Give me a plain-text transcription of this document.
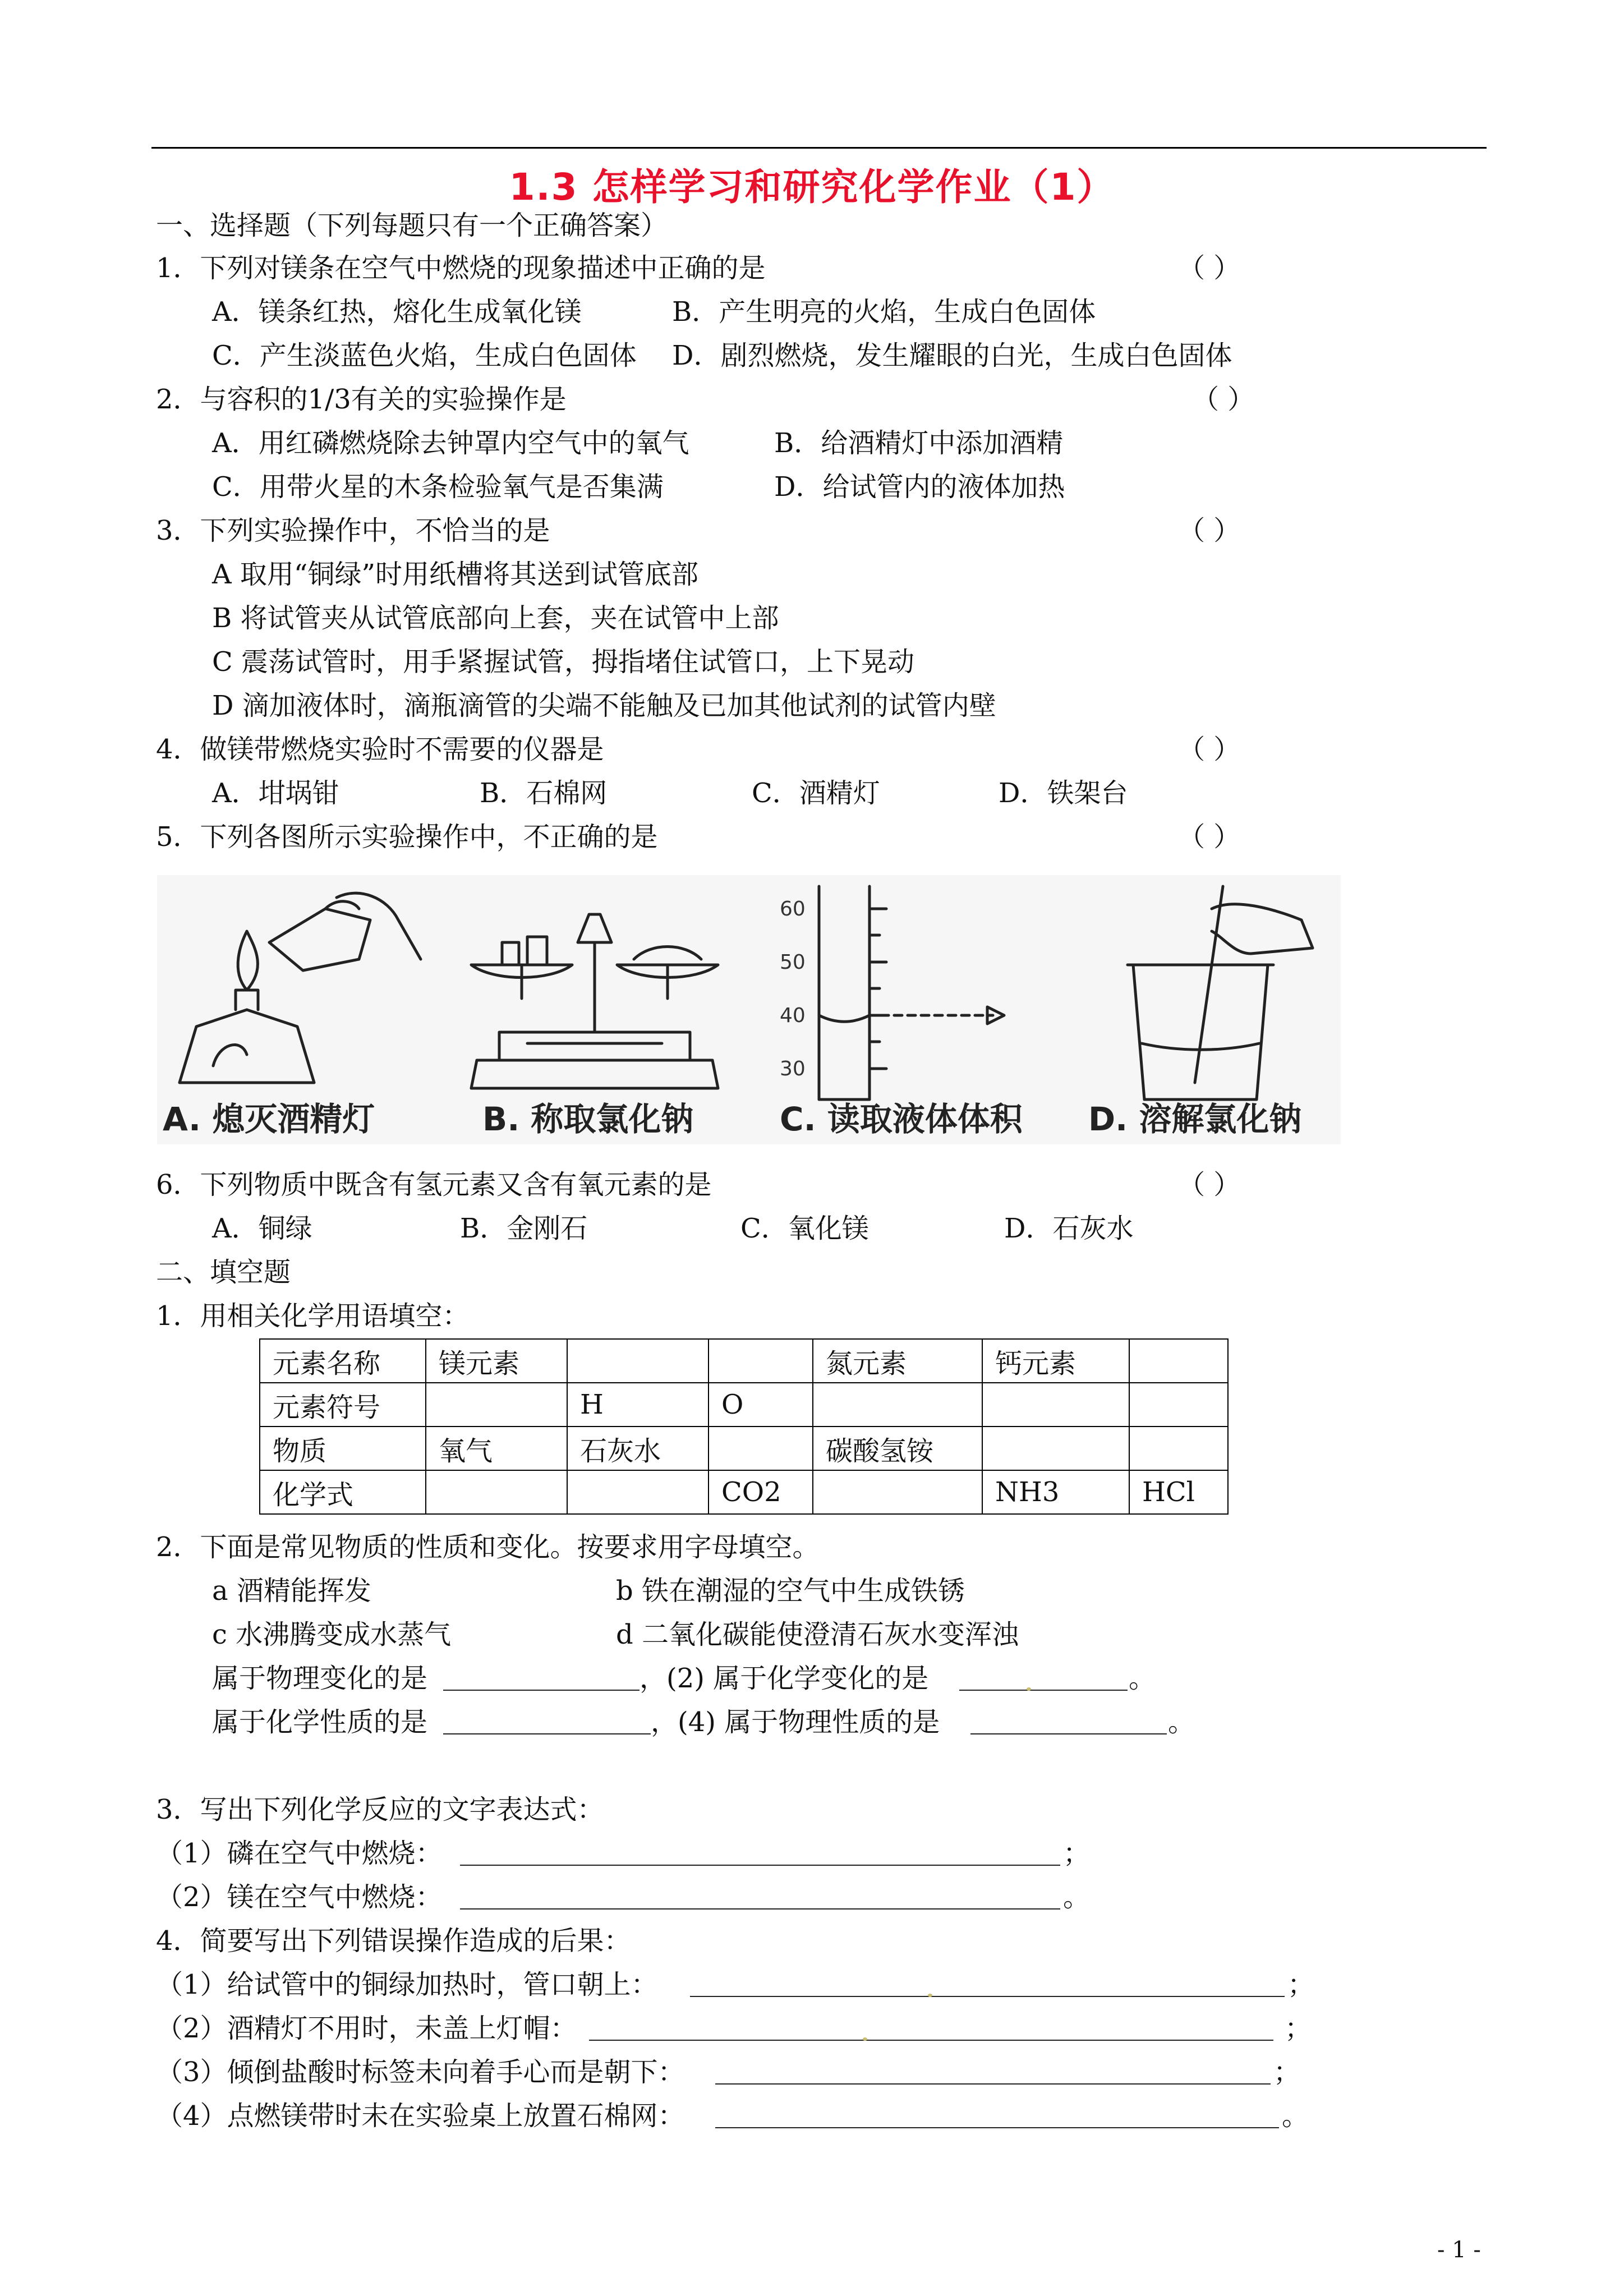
1.3 怎样学习和研究化学作业（1）
一、选择题（下列每题只有一个正确答案）
1．下列对镁条在空气中燃烧的现象描述中正确的是	（ ）
A．镁条红热，熔化生成氧化镁	B．产生明亮的火焰，生成白色固体
C．产生淡蓝色火焰，生成白色固体 D．剧烈燃烧，发生耀眼的白光，生成白色固体
2．与容积的1/3有关的实验操作是	（ ）
A．用红磷燃烧除去钟罩内空气中的氧气	B．给酒精灯中添加酒精
C．用带火星的木条检验氧气是否集满	D．给试管内的液体加热
3．下列实验操作中，不恰当的是	（ ）
A 取用“铜绿”时用纸槽将其送到试管底部
B 将试管夹从试管底部向上套，夹在试管中上部
C 震荡试管时，用手紧握试管，拇指堵住试管口，上下晃动
D 滴加液体时，滴瓶滴管的尖端不能触及已加其他试剂的试管内壁
4．做镁带燃烧实验时不需要的仪器是	（ ）
A．坩埚钳	B．石棉网	C．酒精灯	D．铁架台
5．下列各图所示实验操作中，不正确的是	（ ）
60
50
40
30
A. 熄灭酒精灯	B. 称取氯化钠	C. 读取液体体积 D. 溶解氯化钠
6．下列物质中既含有氢元素又含有氧元素的是	（ ）
A．铜绿	B．金刚石	C．氧化镁	D．石灰水
二、填空题
1．用相关化学用语填空：
元素名称	镁元素			氮元素	钙元素	
元素符号		H	O			
物质	氧气	石灰水		碳酸氢铵		
化学式			CO2		NH3	HCl
2．下面是常见物质的性质和变化。按要求用字母填空。
a 酒精能挥发	b 铁在潮湿的空气中生成铁锈
c 水沸腾变成水蒸气	d 二氧化碳能使澄清石灰水变浑浊
属于物理变化的是	，(2) 属于化学变化的是	。
属于化学性质的是	，(4) 属于物理性质的是	。
3．写出下列化学反应的文字表达式：
（1）磷在空气中燃烧：	；
（2）镁在空气中燃烧：	。
4．简要写出下列错误操作造成的后果：
（1）给试管中的铜绿加热时，管口朝上：	；
（2）酒精灯不用时，未盖上灯帽：	；
（3）倾倒盐酸时标签未向着手心而是朝下：	；
（4）点燃镁带时未在实验桌上放置石棉网：	。
- 1 -
